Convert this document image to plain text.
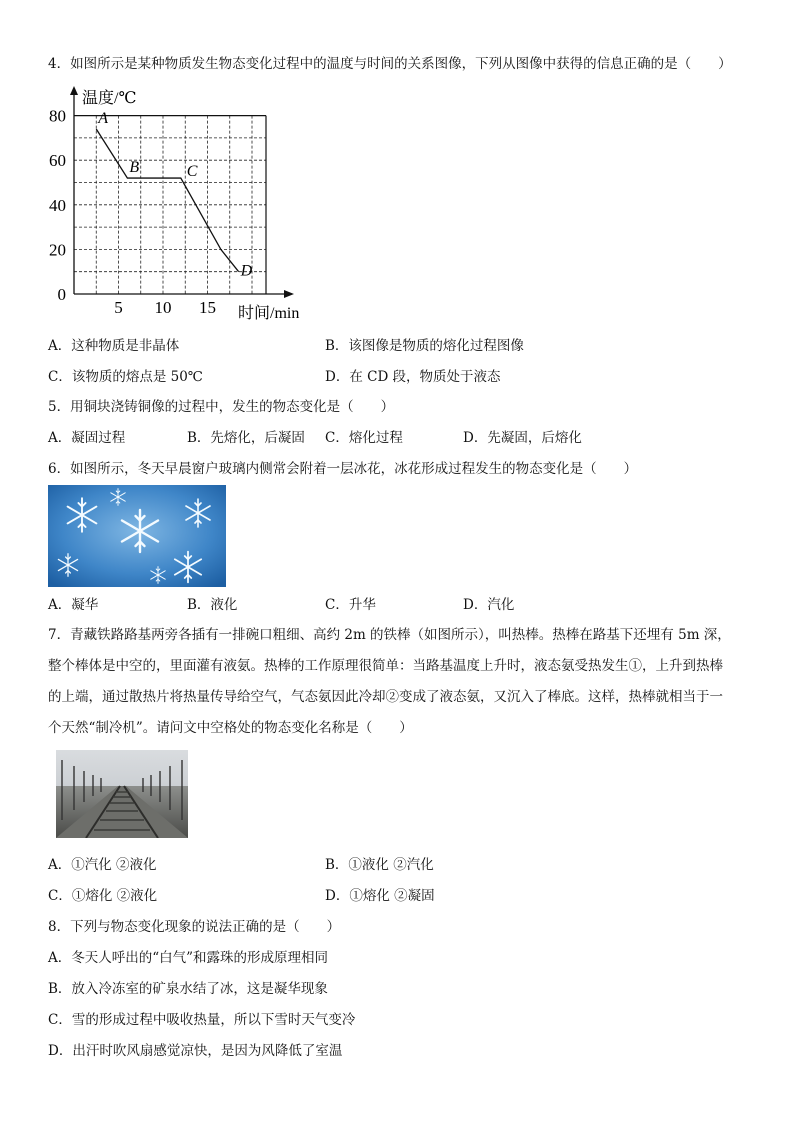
4．如图所示是某种物质发生物态变化过程中的温度与时间的关系图像，下列从图像中获得的信息正确的是（　　）
0
20
40
60
80
5 10 15
A
B	C
D
温度/℃
时间/min
A．这种物质是非晶体	B．该图像是物质的熔化过程图像
C．该物质的熔点是 50℃	D．在 CD 段，物质处于液态
5．用铜块浇铸铜像的过程中，发生的物态变化是（　　）
A．凝固过程	B．先熔化，后凝固 C．熔化过程	D．先凝固，后熔化
6．如图所示，冬天早晨窗户玻璃内侧常会附着一层冰花，冰花形成过程发生的物态变化是（　　）
A．凝华	B．液化	C．升华	D．汽化
7．青藏铁路路基两旁各插有一排碗口粗细、高约 2m 的铁棒（如图所示），叫热棒。热棒在路基下还埋有 5m 深，
整个棒体是中空的，里面灌有液氨。热棒的工作原理很简单：当路基温度上升时，液态氨受热发生①，上升到热棒
的上端，通过散热片将热量传导给空气，气态氨因此冷却②变成了液态氨，又沉入了棒底。这样，热棒就相当于一
个天然“制冷机”。请问文中空格处的物态变化名称是（　　）
A．①汽化 ②液化	B．①液化 ②汽化
C．①熔化 ②液化	D．①熔化 ②凝固
8．下列与物态变化现象的说法正确的是（　　）
A．冬天人呼出的“白气”和露珠的形成原理相同
B．放入冷冻室的矿泉水结了冰，这是凝华现象
C．雪的形成过程中吸收热量，所以下雪时天气变冷
D．出汗时吹风扇感觉凉快，是因为风降低了室温
